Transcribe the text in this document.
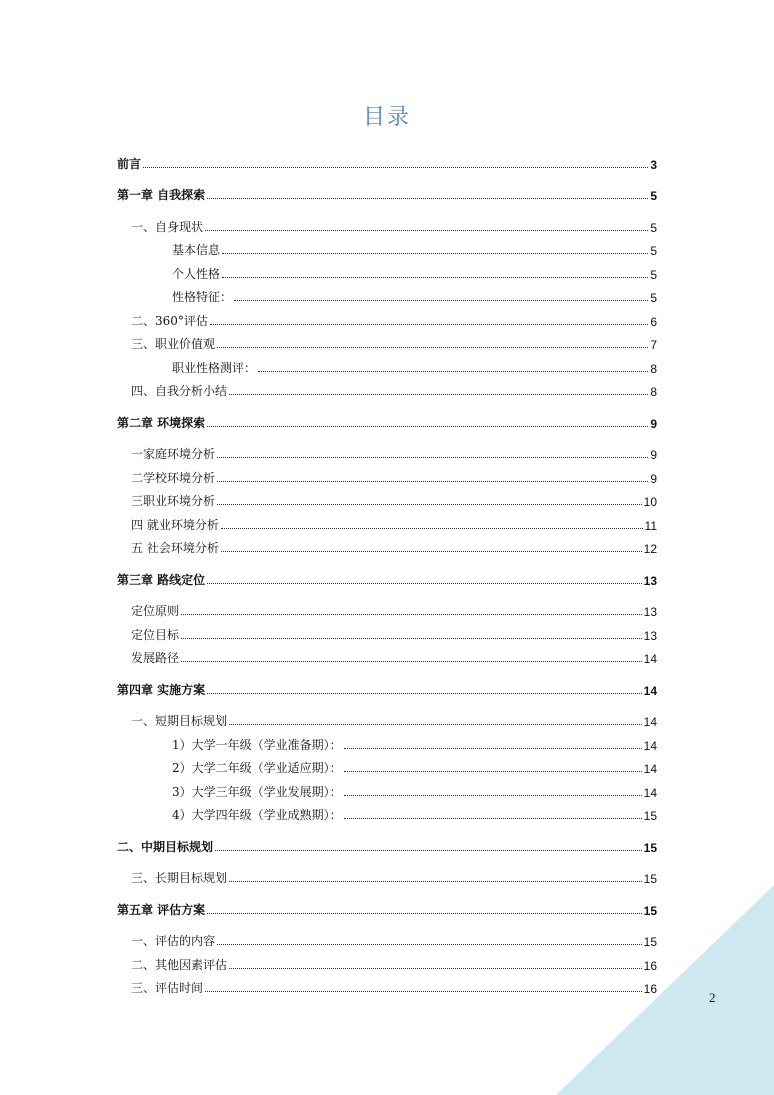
目录
前言	3
第一章 自我探索	5
一、自身现状	5
基本信息	5
个人性格	5
性格特征：	5
二、360°评估	6
三、职业价值观	7
职业性格测评：	8
四、自我分析小结	8
第二章 环境探索	9
一家庭环境分析	9
二学校环境分析	9
三职业环境分析	10
四 就业环境分析	11
五 社会环境分析	12
第三章 路线定位	13
定位原则	13
定位目标	13
发展路径	14
第四章 实施方案	14
一、短期目标规划	14
1）大学一年级（学业准备期）：	14
2）大学二年级（学业适应期）：	14
3）大学三年级（学业发展期）：	14
4）大学四年级（学业成熟期）：	15
二、中期目标规划	15
三、长期目标规划	15
第五章 评估方案	15
一、评估的内容	15
二、其他因素评估	16
三、评估时间	16
2
